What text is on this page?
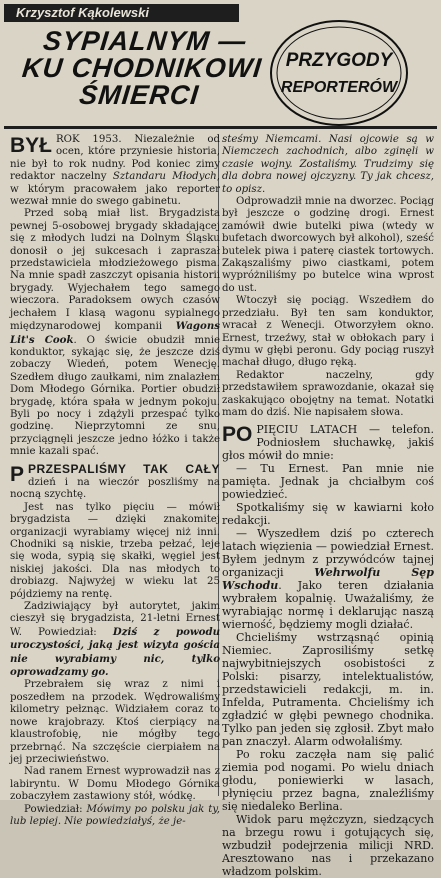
Krzysztof Kąkolewski
SYPIALNYM —
KU CHODNIKOWI
ŚMIERCI
PRZYGODY
REPORTERÓW

BYŁ ROK 1953. Niezależnie od ocen, które przyniesie historia, nie był to rok nudny. Pod koniec zimy redaktor naczelny Sztandaru Młodych, w którym pracowałem jako reporter wezwał mnie do swego gabinetu.

Przed sobą miał list. Brygadzista pewnej 5-osobowej brygady składającej się z młodych ludzi na Dolnym Śląsku donosił o jej sukcesach i zapraszał przedstawiciela młodzieżowego pisma. Na mnie spadł zaszczyt opisania historii brygady. Wyjechałem tego samego wieczora. Paradoksem owych czasów jechałem I klasą wagonu sypialnego międzynarodowej kompanii Wagons Lit's Cook. O świcie obudził mnie konduktor, sykając się, że jeszcze dziś zobaczy Wiedeń, potem Wenecję. Szedłem długo zaułkami, nim znalazłem Dom Młodego Górnika. Portier obudził brygadę, która spała w jednym pokoju. Byli po nocy i zdążyli przespać tylko godzinę. Nieprzytomni ze snu, przyciągnęli jeszcze jedno łóżko i także mnie kazali spać.

PPRZESPALIŚMY TAK CAŁY dzień i na wieczór poszliśmy na nocną szychtę.

Jest nas tylko pięciu — mówił brygadzista — dzięki znakomitej organizacji wyrabiamy więcej niż inni. Chodniki są niskie, trzeba pełzać, leje się woda, sypią się skałki, węgiel jest niskiej jakości. Dla nas młodych to drobiazg. Najwyżej w wieku lat 25 pójdziemy na rentę.

Zadziwiający był autorytet, jakim cieszył się brygadzista, 21-letni Ernest W. Powiedział: Dziś z powodu uroczystości, jaką jest wizyta gościa nie wyrabiamy nic, tylko oprowadzamy go.

Przebrałem się wraz z nimi i poszedłem na przodek. Wędrowaliśmy kilometry pełznąc. Widziałem coraz to nowe krajobrazy. Ktoś cierpiący na klaustrofobię, nie mógłby tego przebrnąć. Na szczęście cierpiałem na jej przeciwieństwo.

Nad ranem Ernest wyprowadził nas z labiryntu. W Domu Młodego Górnika zobaczyłem zastawiony stół, wódkę.

Powiedział: Mówimy po polsku jak ty, lub lepiej. Nie powiedziałyś, że je-

steśmy Niemcami. Nasi ojcowie są w Niemczech zachodnich, albo zginęli w czasie wojny. Zostaliśmy. Trudzimy się dla dobra nowej ojczyzny. Ty jak chcesz, to opisz.

Odprowadził mnie na dworzec. Pociąg był jeszcze o godzinę drogi. Ernest zamówił dwie butelki piwa (wtedy w bufetach dworcowych był alkohol), sześć butelek piwa i paterę ciastek tortowych. Zakąszaliśmy piwo ciastkami, potem wypróżniliśmy po butelce wina wprost do ust.

Wtoczył się pociąg. Wszedłem do przedziału. Był ten sam konduktor, wracał z Wenecji. Otworzyłem okno. Ernest, trzeźwy, stał w obłokach pary i dymu w głębi peronu. Gdy pociąg ruszył machał długo, długo ręką.

Redaktor naczelny, gdy przedstawiłem sprawozdanie, okazał się zaskakująco obojętny na temat. Notatki mam do dziś. Nie napisałem słowa.

PO PIĘCIU LATACH — telefon. Podniosłem słuchawkę, jakiś głos mówił do mnie:

— Tu Ernest. Pan mnie nie pamięta. Jednak ja chciałbym coś powiedzieć.

Spotkaliśmy się w kawiarni koło redakcji.

— Wyszedłem dziś po czterech latach więzienia — powiedział Ernest. Byłem jednym z przywódców tajnej organizacji	Wehrwolfu Sęp Wschodu. Jako teren działania wybrałem kopalnię. Uważaliśmy, że wyrabiając normę i deklarując naszą wierność, będziemy mogli działać.

Chcieliśmy wstrząsnąć opinią Niemiec. Zaprosiliśmy setkę najwybitniejszych osobistości z Polski: pisarzy, intelektualistów, przedstawicieli redakcji, m. in. Infelda, Putramenta. Chcieliśmy ich zgładzić w głębi pewnego chodnika. Tylko pan jeden się zgłosił. Zbyt mało pan znaczył. Alarm odwołaliśmy.

Po roku zaczęła nam się palić ziemia pod nogami. Po wielu dniach głodu, poniewierki w lasach, płynięciu przez bagna, znaleźliśmy się niedaleko Berlina.

Widok paru mężczyzn, siedzących na brzegu rowu i gotujących się, wzbudził podejrzenia milicji NRD. Aresztowano nas i przekazano władzom polskim.
